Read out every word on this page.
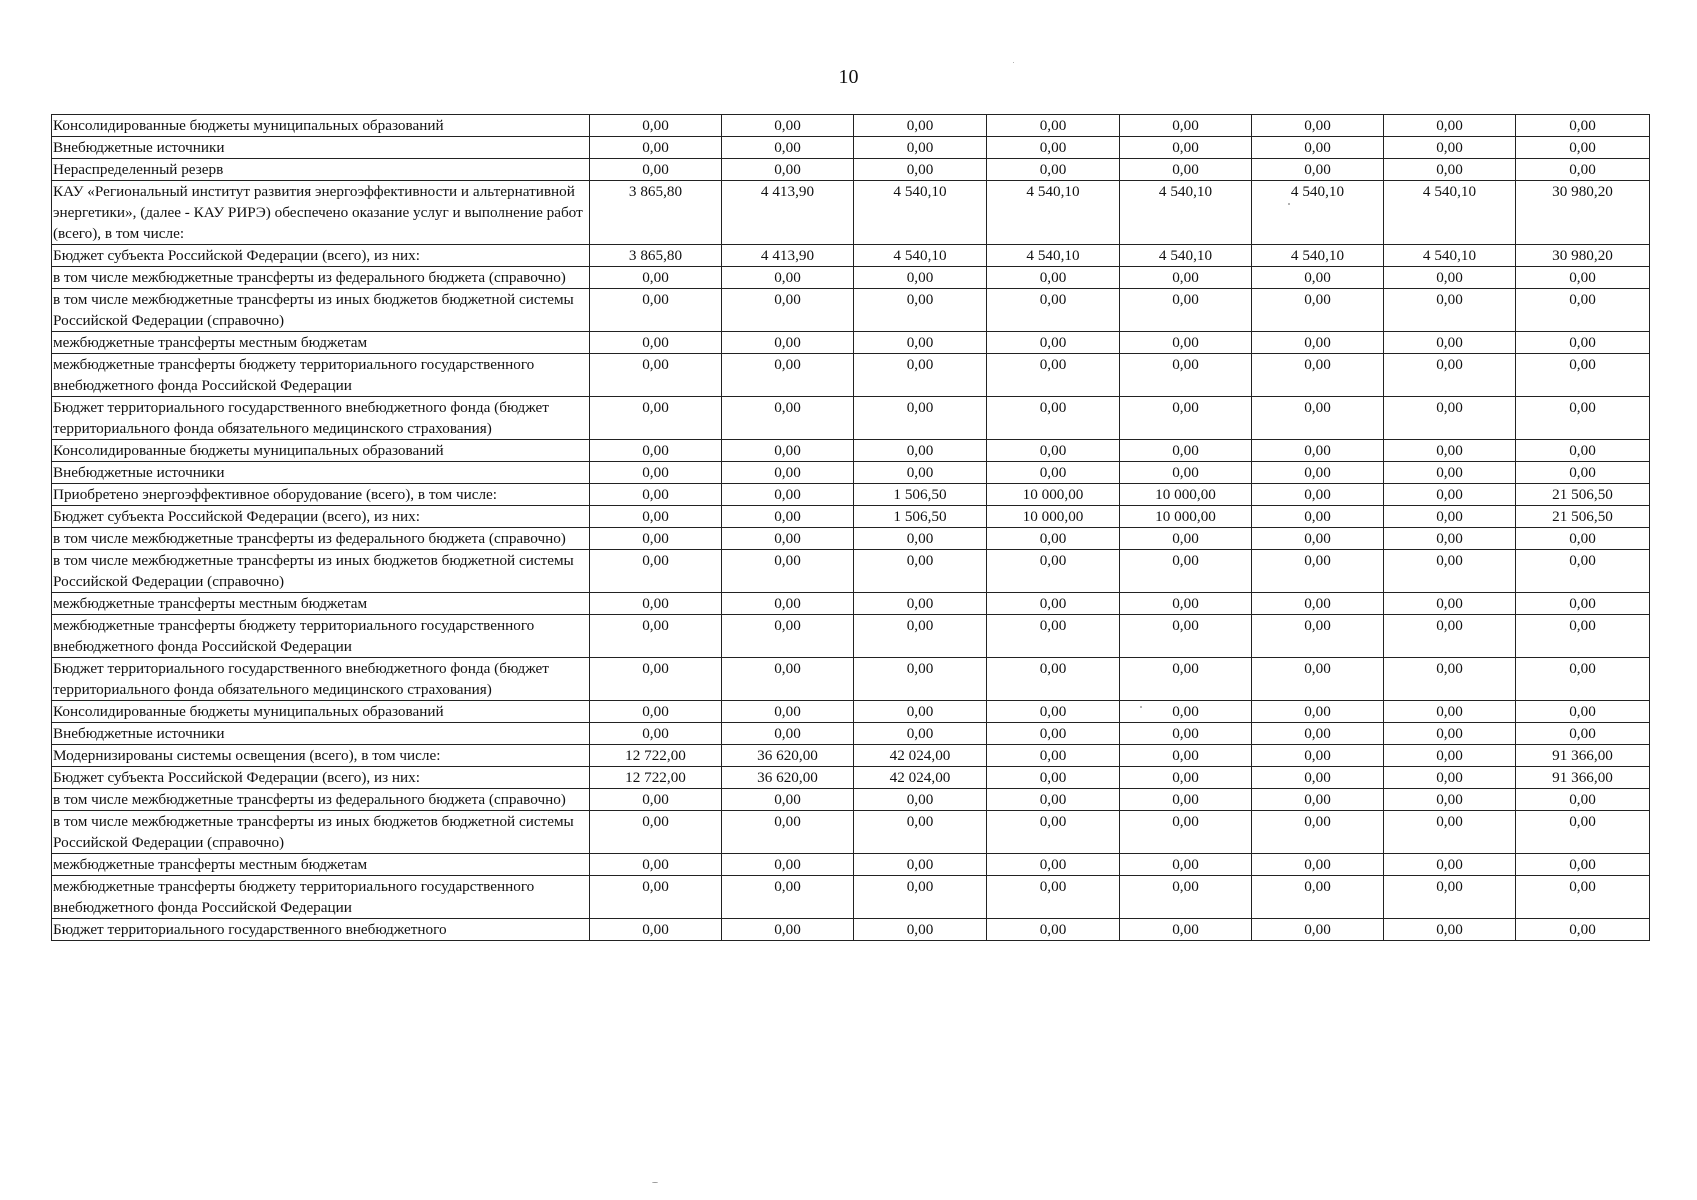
10
Консолидированные бюджеты муниципальных образований	0,00	0,00	0,00	0,00	0,00	0,00	0,00	0,00
Внебюджетные источники	0,00	0,00	0,00	0,00	0,00	0,00	0,00	0,00
Нераспределенный резерв	0,00	0,00	0,00	0,00	0,00	0,00	0,00	0,00
КАУ «Региональный институт развития энергоэффективности и альтернативной энергетики», (далее - КАУ РИРЭ) обеспечено оказание услуг и выполнение работ (всего), в том числе:	3 865,80	4 413,90	4 540,10	4 540,10	4 540,10	4 540,10	4 540,10	30 980,20
Бюджет субъекта Российской Федерации (всего), из них:	3 865,80	4 413,90	4 540,10	4 540,10	4 540,10	4 540,10	4 540,10	30 980,20
в том числе межбюджетные трансферты из федерального бюджета (справочно)	0,00	0,00	0,00	0,00	0,00	0,00	0,00	0,00
в том числе межбюджетные трансферты из иных бюджетов бюджетной системы Российской Федерации (справочно)	0,00	0,00	0,00	0,00	0,00	0,00	0,00	0,00
межбюджетные трансферты местным бюджетам	0,00	0,00	0,00	0,00	0,00	0,00	0,00	0,00
межбюджетные трансферты бюджету территориального государственного внебюджетного фонда Российской Федерации	0,00	0,00	0,00	0,00	0,00	0,00	0,00	0,00
Бюджет территориального государственного внебюджетного фонда (бюджет территориального фонда обязательного медицинского страхования)	0,00	0,00	0,00	0,00	0,00	0,00	0,00	0,00
Консолидированные бюджеты муниципальных образований	0,00	0,00	0,00	0,00	0,00	0,00	0,00	0,00
Внебюджетные источники	0,00	0,00	0,00	0,00	0,00	0,00	0,00	0,00
Приобретено энергоэффективное оборудование (всего), в том числе:	0,00	0,00	1 506,50	10 000,00	10 000,00	0,00	0,00	21 506,50
Бюджет субъекта Российской Федерации (всего), из них:	0,00	0,00	1 506,50	10 000,00	10 000,00	0,00	0,00	21 506,50
в том числе межбюджетные трансферты из федерального бюджета (справочно)	0,00	0,00	0,00	0,00	0,00	0,00	0,00	0,00
в том числе межбюджетные трансферты из иных бюджетов бюджетной системы Российской Федерации (справочно)	0,00	0,00	0,00	0,00	0,00	0,00	0,00	0,00
межбюджетные трансферты местным бюджетам	0,00	0,00	0,00	0,00	0,00	0,00	0,00	0,00
межбюджетные трансферты бюджету территориального государственного внебюджетного фонда Российской Федерации	0,00	0,00	0,00	0,00	0,00	0,00	0,00	0,00
Бюджет территориального государственного внебюджетного фонда (бюджет территориального фонда обязательного медицинского страхования)	0,00	0,00	0,00	0,00	0,00	0,00	0,00	0,00
Консолидированные бюджеты муниципальных образований	0,00	0,00	0,00	0,00	0,00	0,00	0,00	0,00
Внебюджетные источники	0,00	0,00	0,00	0,00	0,00	0,00	0,00	0,00
Модернизированы системы освещения (всего), в том числе:	12 722,00	36 620,00	42 024,00	0,00	0,00	0,00	0,00	91 366,00
Бюджет субъекта Российской Федерации (всего), из них:	12 722,00	36 620,00	42 024,00	0,00	0,00	0,00	0,00	91 366,00
в том числе межбюджетные трансферты из федерального бюджета (справочно)	0,00	0,00	0,00	0,00	0,00	0,00	0,00	0,00
в том числе межбюджетные трансферты из иных бюджетов бюджетной системы Российской Федерации (справочно)	0,00	0,00	0,00	0,00	0,00	0,00	0,00	0,00
межбюджетные трансферты местным бюджетам	0,00	0,00	0,00	0,00	0,00	0,00	0,00	0,00
межбюджетные трансферты бюджету территориального государственного внебюджетного фонда Российской Федерации	0,00	0,00	0,00	0,00	0,00	0,00	0,00	0,00
Бюджет территориального государственного внебюджетного	0,00	0,00	0,00	0,00	0,00	0,00	0,00	0,00
